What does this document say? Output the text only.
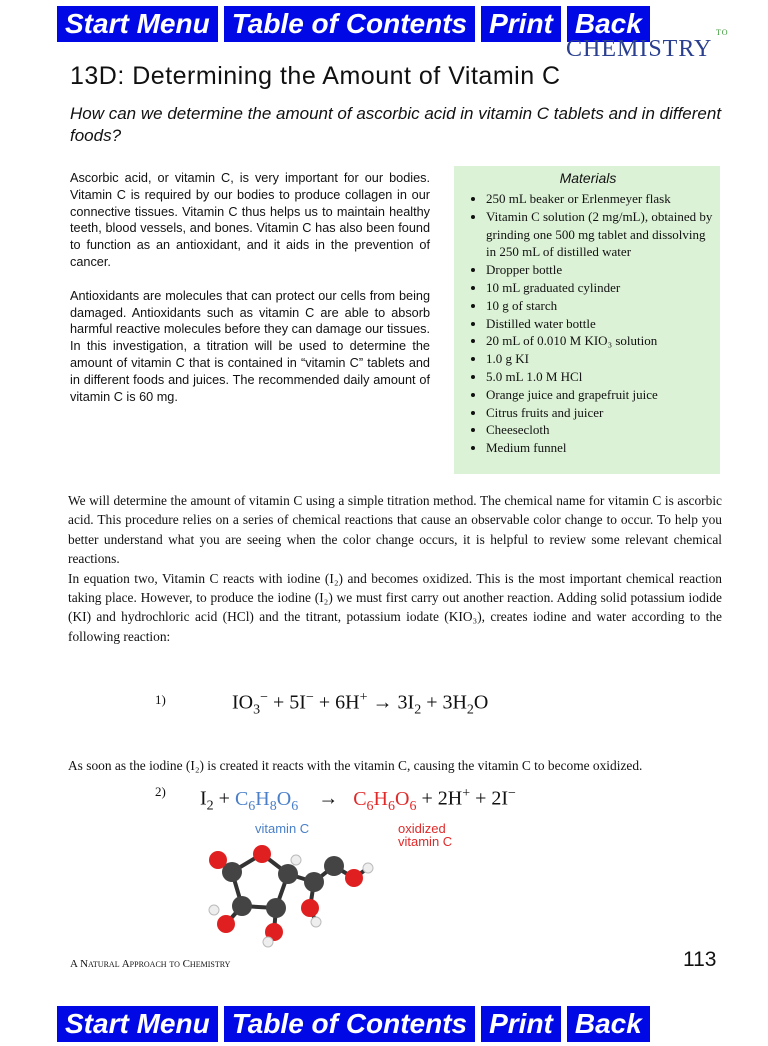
Start Menu Table of Contents Print Back
CHEMISTRY
TO
13D: Determining the Amount of Vitamin C
How can we determine the amount of ascorbic acid in vitamin C tablets and in different foods?

Ascorbic acid, or vitamin C, is very important for our bodies. Vitamin C is required by our bodies to produce collagen in our connective tissues. Vitamin C thus helps us to maintain healthy teeth, blood vessels, and bones. Vitamin C has also been found to function as an antioxidant, and it aids in the prevention of cancer.

Antioxidants are molecules that can protect our cells from being damaged. Antioxidants such as vitamin C are able to absorb harmful reactive molecules before they can damage our tissues. In this investigation, a titration will be used to determine the amount of vitamin C that is contained in “vitamin C” tablets and in different foods and juices. The recommended daily amount of vitamin C is 60 mg.

Materials
• 250 mL beaker or Erlenmeyer flask
• Vitamin C solution (2 mg/mL), obtained by grinding one 500 mg tablet and dissolving in 250 mL of distilled water
• Dropper bottle
• 10 mL graduated cylinder
• 10 g of starch
• Distilled water bottle
• 20 mL of 0.010 M KIO₃ solution
• 1.0 g KI
• 5.0 mL 1.0 M HCl
• Orange juice and grapefruit juice
• Citrus fruits and juicer
• Cheesecloth
• Medium funnel

We will determine the amount of vitamin C using a simple titration method. The chemical name for vitamin C is ascorbic acid. This procedure relies on a series of chemical reactions that cause an observable color change to occur. To help you better understand what you are seeing when the color change occurs, it is helpful to review some relevant chemical reactions.

In equation two, Vitamin C reacts with iodine (I₂) and becomes oxidized. This is the most important chemical reaction taking place. However, to produce the iodine (I₂) we must first carry out another reaction. Adding solid potassium iodide (KI) and hydrochloric acid (HCl) and the titrant, potassium iodate (KIO₃), creates iodine and water according to the following reaction:

1)	$IO_3^- + 5I^- + 6H^+ \to 3I_2 + 3H_2O$
As soon as the iodine (I₂) is created it reacts with the vitamin C, causing the vitamin C to become oxidized.
2) $I_2 + C_6H_8O_6$    →   $C_6H_6O_6 + 2H^+ + 2I^-$
vitamin C	oxidized
vitamin C
A Natural Approach to Chemistry	113
Start Menu Table of Contents Print Back
